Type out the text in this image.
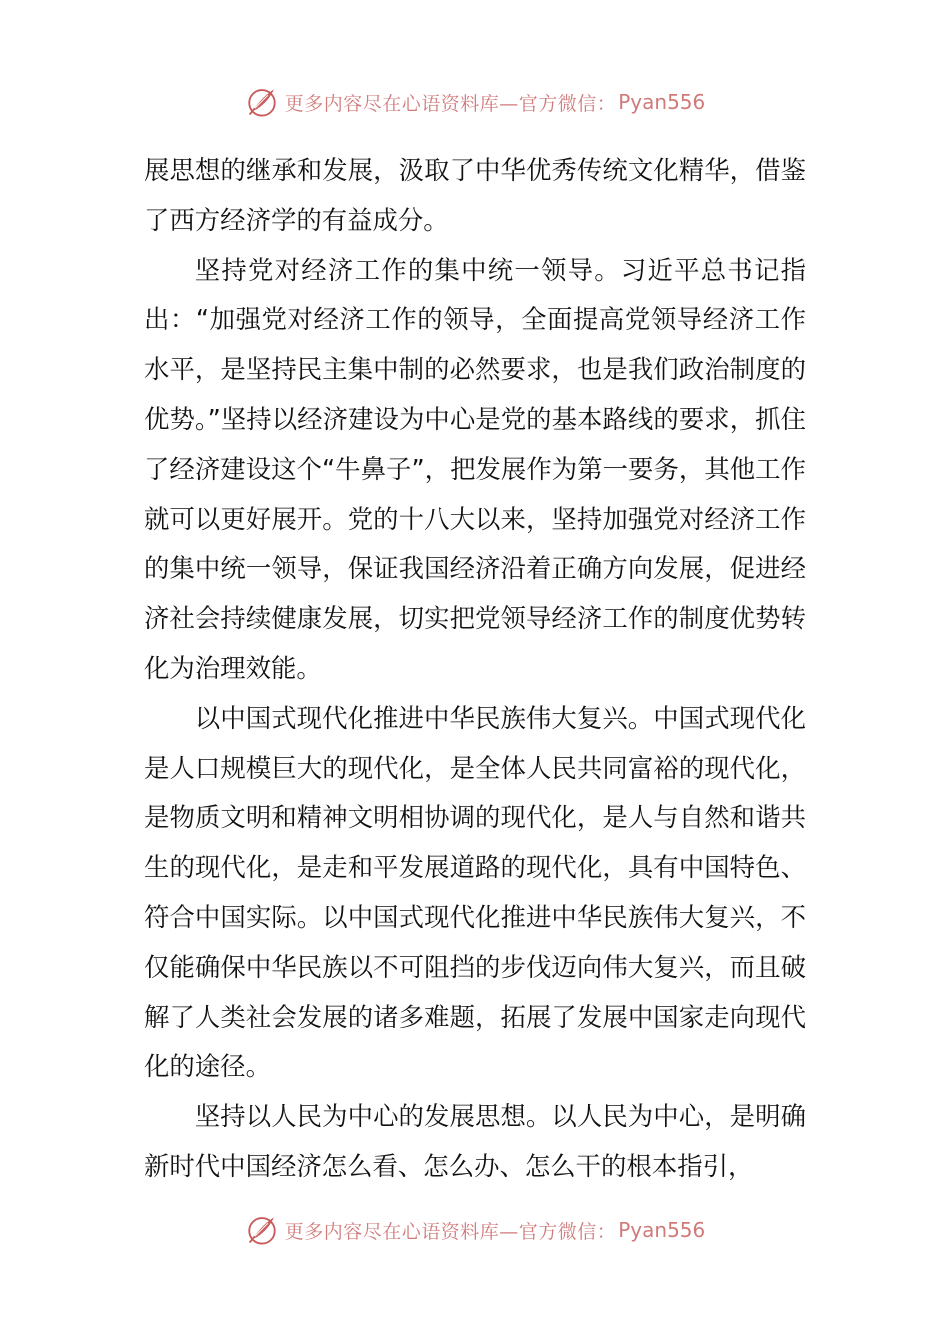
更多内容尽在心语资料库—官方微信： Pyan556

展思想的继承和发展，汲取了中华优秀传统文化精华，借鉴了西方经济学的有益成分。

坚持党对经济工作的集中统一领导。习近平总书记指出：“加强党对经济工作的领导，全面提高党领导经济工作水平，是坚持民主集中制的必然要求，也是我们政治制度的优势。”坚持以经济建设为中心是党的基本路线的要求，抓住了经济建设这个“牛鼻子”，把发展作为第一要务，其他工作就可以更好展开。党的十八大以来，坚持加强党对经济工作的集中统一领导，保证我国经济沿着正确方向发展，促进经济社会持续健康发展，切实把党领导经济工作的制度优势转化为治理效能。

以中国式现代化推进中华民族伟大复兴。中国式现代化是人口规模巨大的现代化，是全体人民共同富裕的现代化，是物质文明和精神文明相协调的现代化，是人与自然和谐共生的现代化，是走和平发展道路的现代化，具有中国特色、符合中国实际。以中国式现代化推进中华民族伟大复兴，不仅能确保中华民族以不可阻挡的步伐迈向伟大复兴，而且破解了人类社会发展的诸多难题，拓展了发展中国家走向现代化的途径。

坚持以人民为中心的发展思想。以人民为中心，是明确新时代中国经济怎么看、怎么办、怎么干的根本指引，

更多内容尽在心语资料库—官方微信： Pyan556
